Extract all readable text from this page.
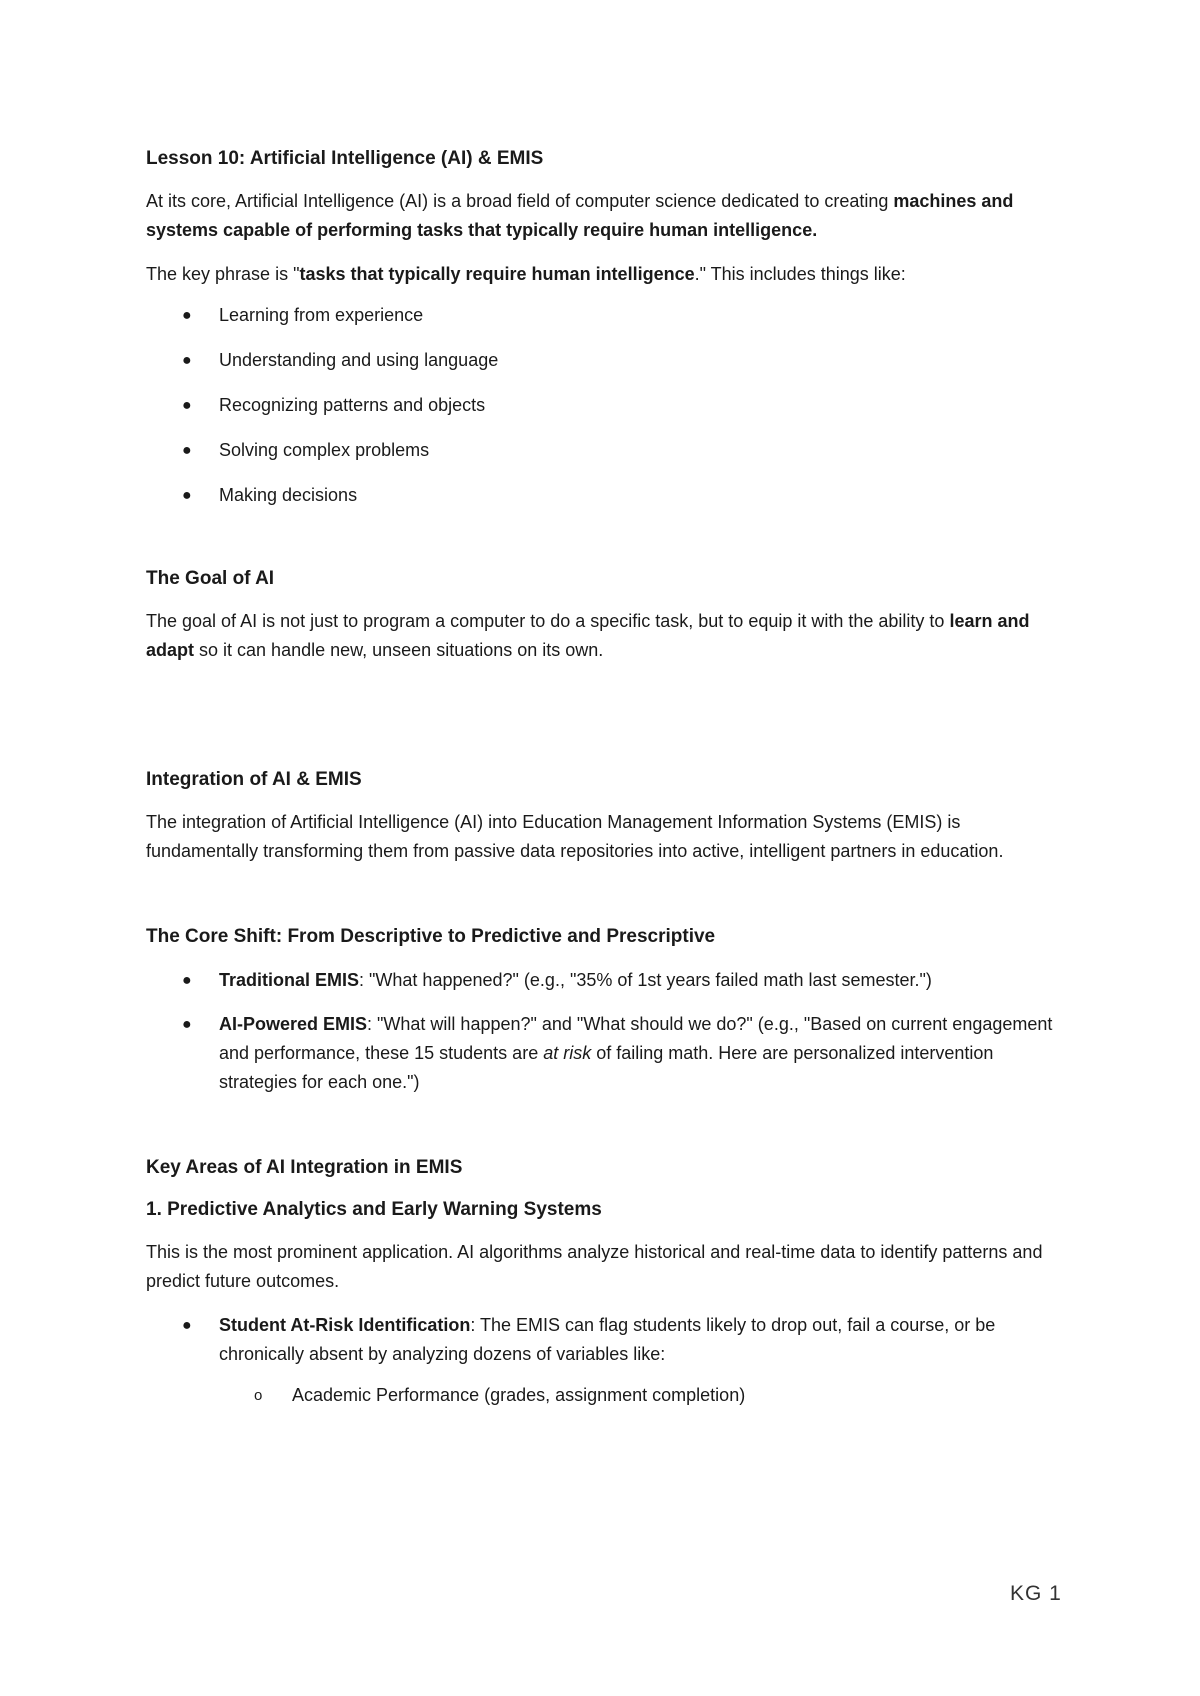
Lesson 10: Artificial Intelligence (AI) & EMIS

At its core, Artificial Intelligence (AI) is a broad field of computer science dedicated to creating machines and systems capable of performing tasks that typically require human intelligence.

The key phrase is "tasks that typically require human intelligence." This includes things like:

● Learning from experience
● Understanding and using language
● Recognizing patterns and objects
● Solving complex problems
● Making decisions
The Goal of AI

The goal of AI is not just to program a computer to do a specific task, but to equip it with the ability to learn and adapt so it can handle new, unseen situations on its own.

Integration of AI & EMIS

The integration of Artificial Intelligence (AI) into Education Management Information Systems (EMIS) is fundamentally transforming them from passive data repositories into active, intelligent partners in education.

The Core Shift: From Descriptive to Predictive and Prescriptive
● Traditional EMIS: "What happened?" (e.g., "35% of 1st years failed math last semester.")
● AI-Powered EMIS: "What will happen?" and "What should we do?" (e.g., "Based on current engagement and performance, these 15 students are at risk of failing math. Here are personalized intervention strategies for each one.")
Key Areas of AI Integration in EMIS
1. Predictive Analytics and Early Warning Systems

This is the most prominent application. AI algorithms analyze historical and real-time data to identify patterns and predict future outcomes.

● Student At-Risk Identification: The EMIS can flag students likely to drop out, fail a course, or be chronically absent by analyzing dozens of variables like:
o Academic Performance (grades, assignment completion)
KG 1
